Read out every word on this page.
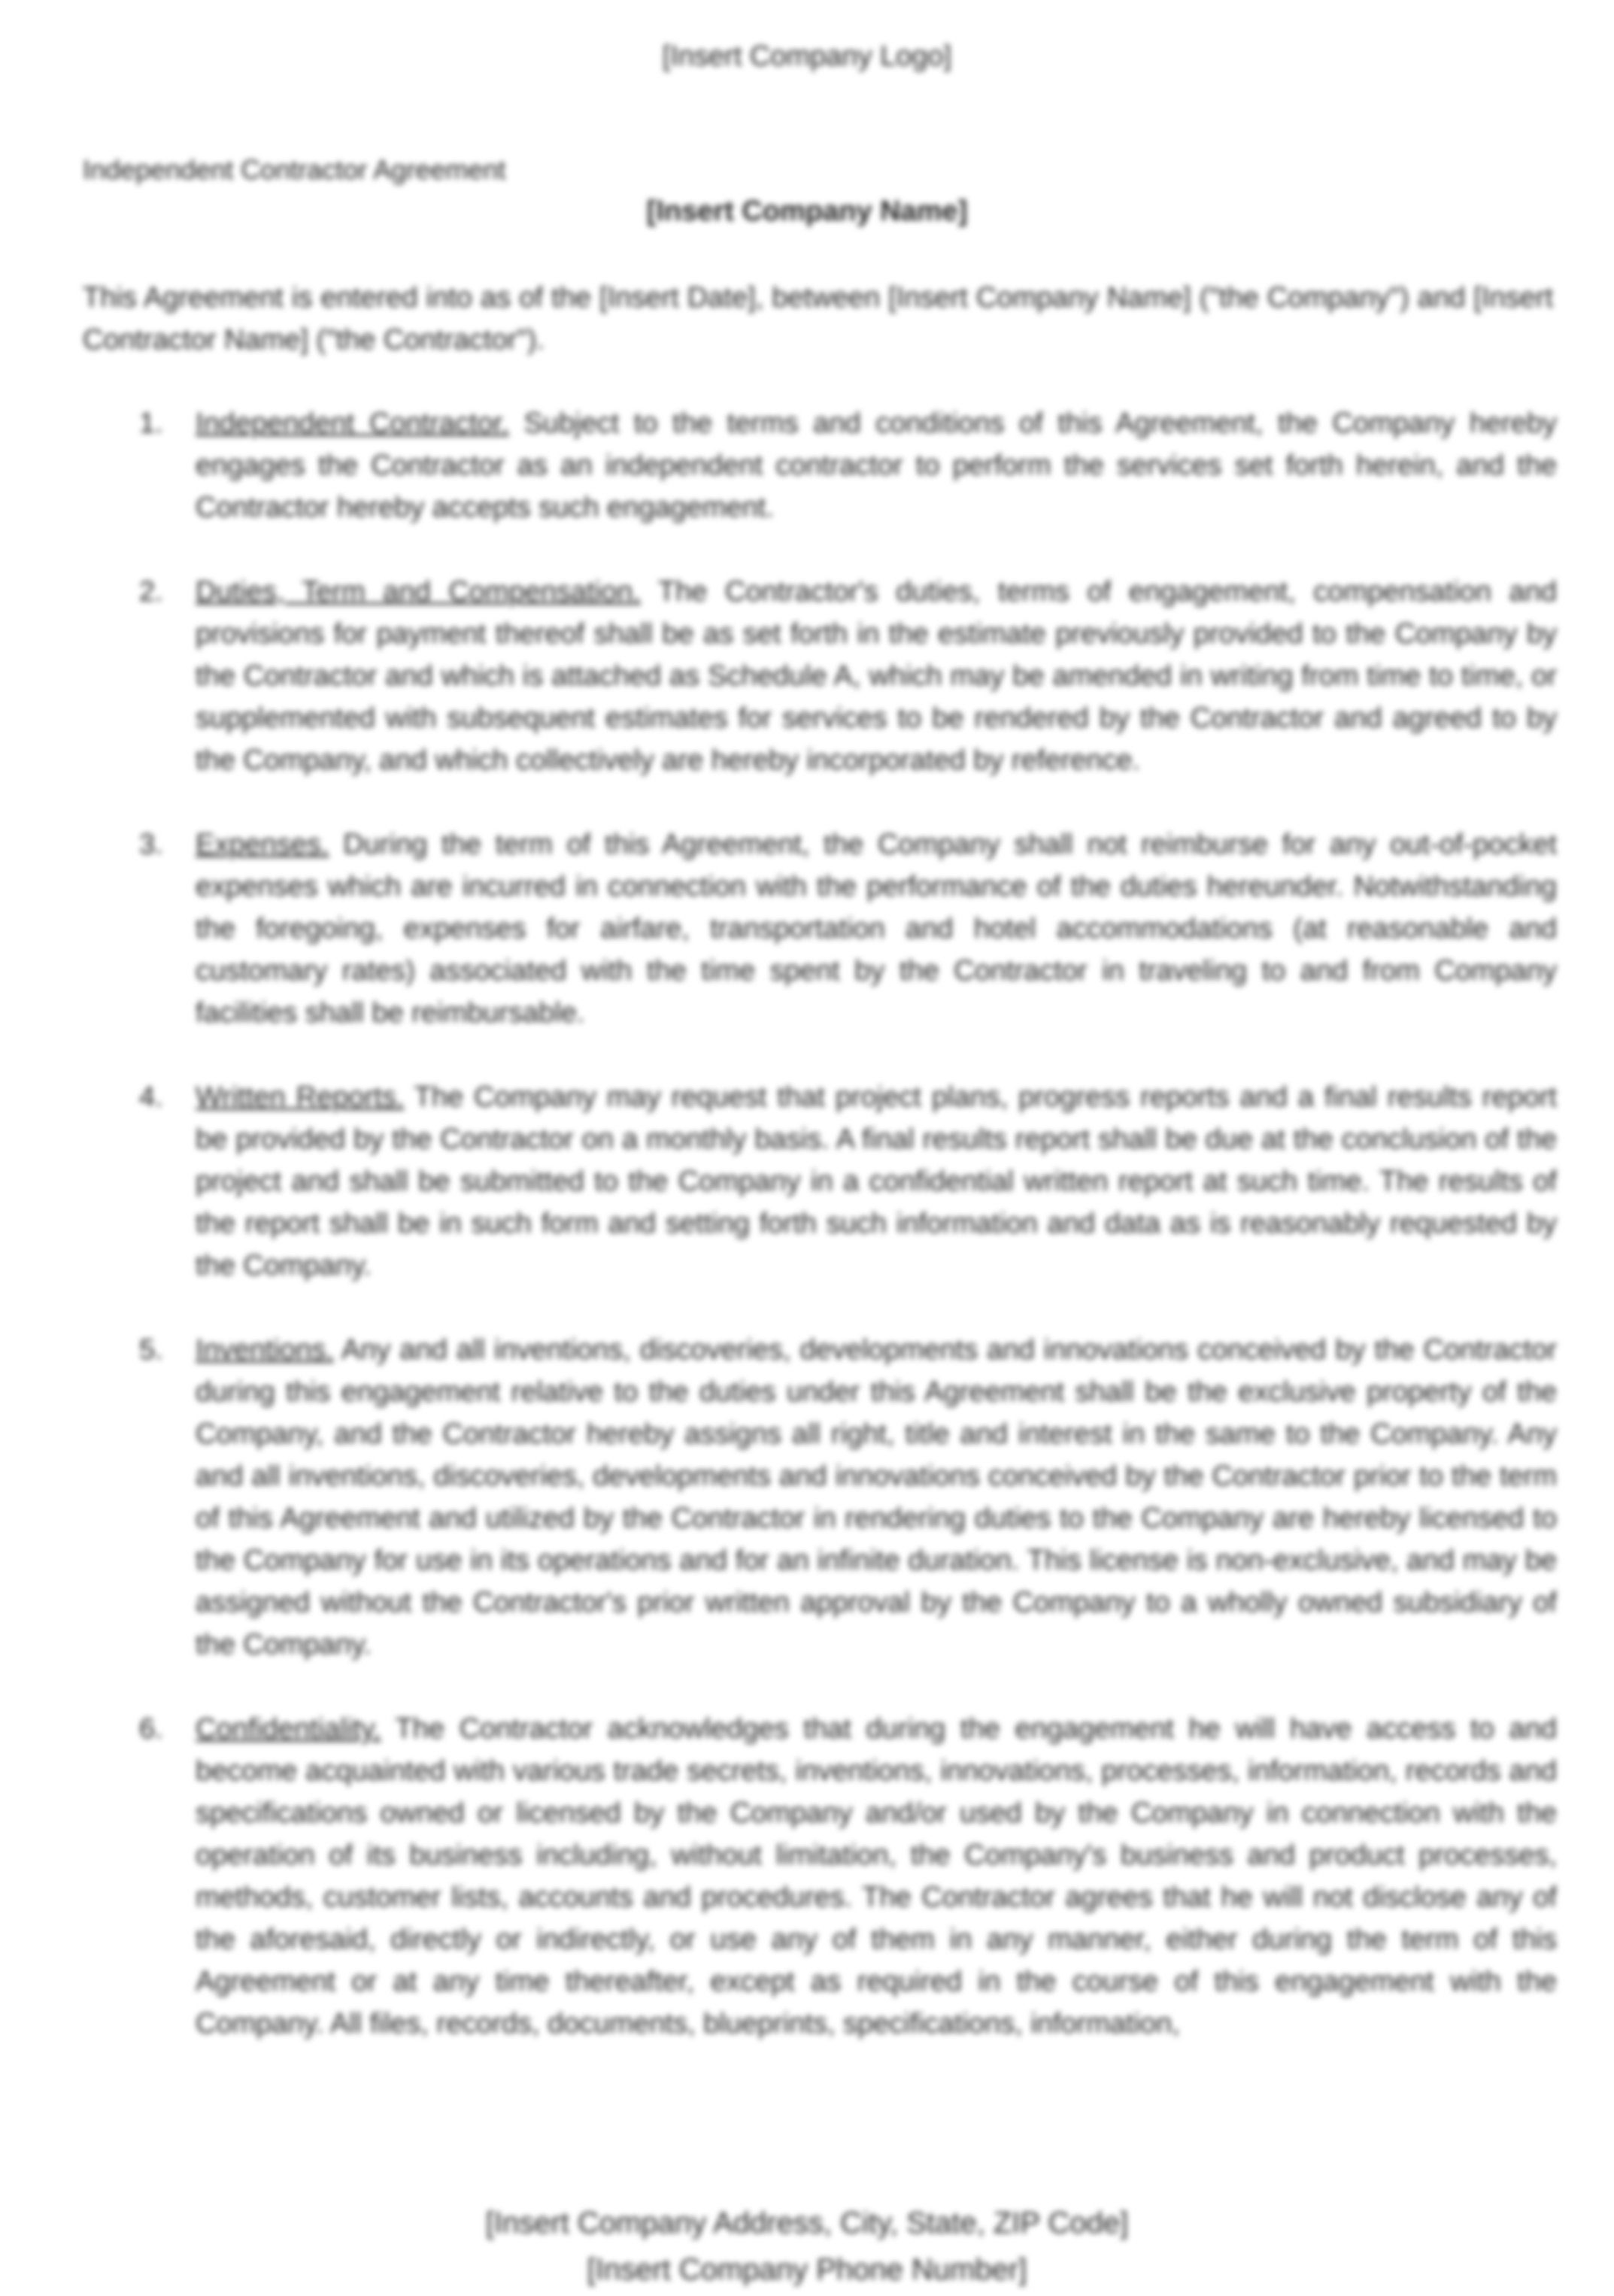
[Insert Company Logo]
Independent Contractor Agreement
[Insert Company Name]
This Agreement is entered into as of the [Insert Date], between [Insert Company Name] ("the Company") and [Insert Contractor Name] ("the Contractor").
1. Independent Contractor. Subject to the terms and conditions of this Agreement, the Company hereby engages the Contractor as an independent contractor to perform the services set forth herein, and the Contractor hereby accepts such engagement.
2. Duties, Term and Compensation. The Contractor's duties, terms of engagement, compensation and provisions for payment thereof shall be as set forth in the estimate previously provided to the Company by the Contractor and which is attached as Schedule A, which may be amended in writing from time to time, or supplemented with subsequent estimates for services to be rendered by the Contractor and agreed to by the Company, and which collectively are hereby incorporated by reference.
3. Expenses. During the term of this Agreement, the Company shall not reimburse for any out-of-pocket expenses which are incurred in connection with the performance of the duties hereunder. Notwithstanding the foregoing, expenses for airfare, transportation and hotel accommodations (at reasonable and customary rates) associated with the time spent by the Contractor in traveling to and from Company facilities shall be reimbursable.
4. Written Reports. The Company may request that project plans, progress reports and a final results report be provided by the Contractor on a monthly basis. A final results report shall be due at the conclusion of the project and shall be submitted to the Company in a confidential written report at such time. The results of the report shall be in such form and setting forth such information and data as is reasonably requested by the Company.
5. Inventions. Any and all inventions, discoveries, developments and innovations conceived by the Contractor during this engagement relative to the duties under this Agreement shall be the exclusive property of the Company, and the Contractor hereby assigns all right, title and interest in the same to the Company. Any and all inventions, discoveries, developments and innovations conceived by the Contractor prior to the term of this Agreement and utilized by the Contractor in rendering duties to the Company are hereby licensed to the Company for use in its operations and for an infinite duration. This license is non-exclusive, and may be assigned without the Contractor's prior written approval by the Company to a wholly owned subsidiary of the Company.
6. Confidentiality. The Contractor acknowledges that during the engagement he will have access to and become acquainted with various trade secrets, inventions, innovations, processes, information, records and specifications owned or licensed by the Company and/or used by the Company in connection with the operation of its business including, without limitation, the Company's business and product processes, methods, customer lists, accounts and procedures. The Contractor agrees that he will not disclose any of the aforesaid, directly or indirectly, or use any of them in any manner, either during the term of this Agreement or at any time thereafter, except as required in the course of this engagement with the Company. All files, records, documents, blueprints, specifications, information,
[Insert Company Address, City, State, ZIP Code]
[Insert Company Phone Number]
